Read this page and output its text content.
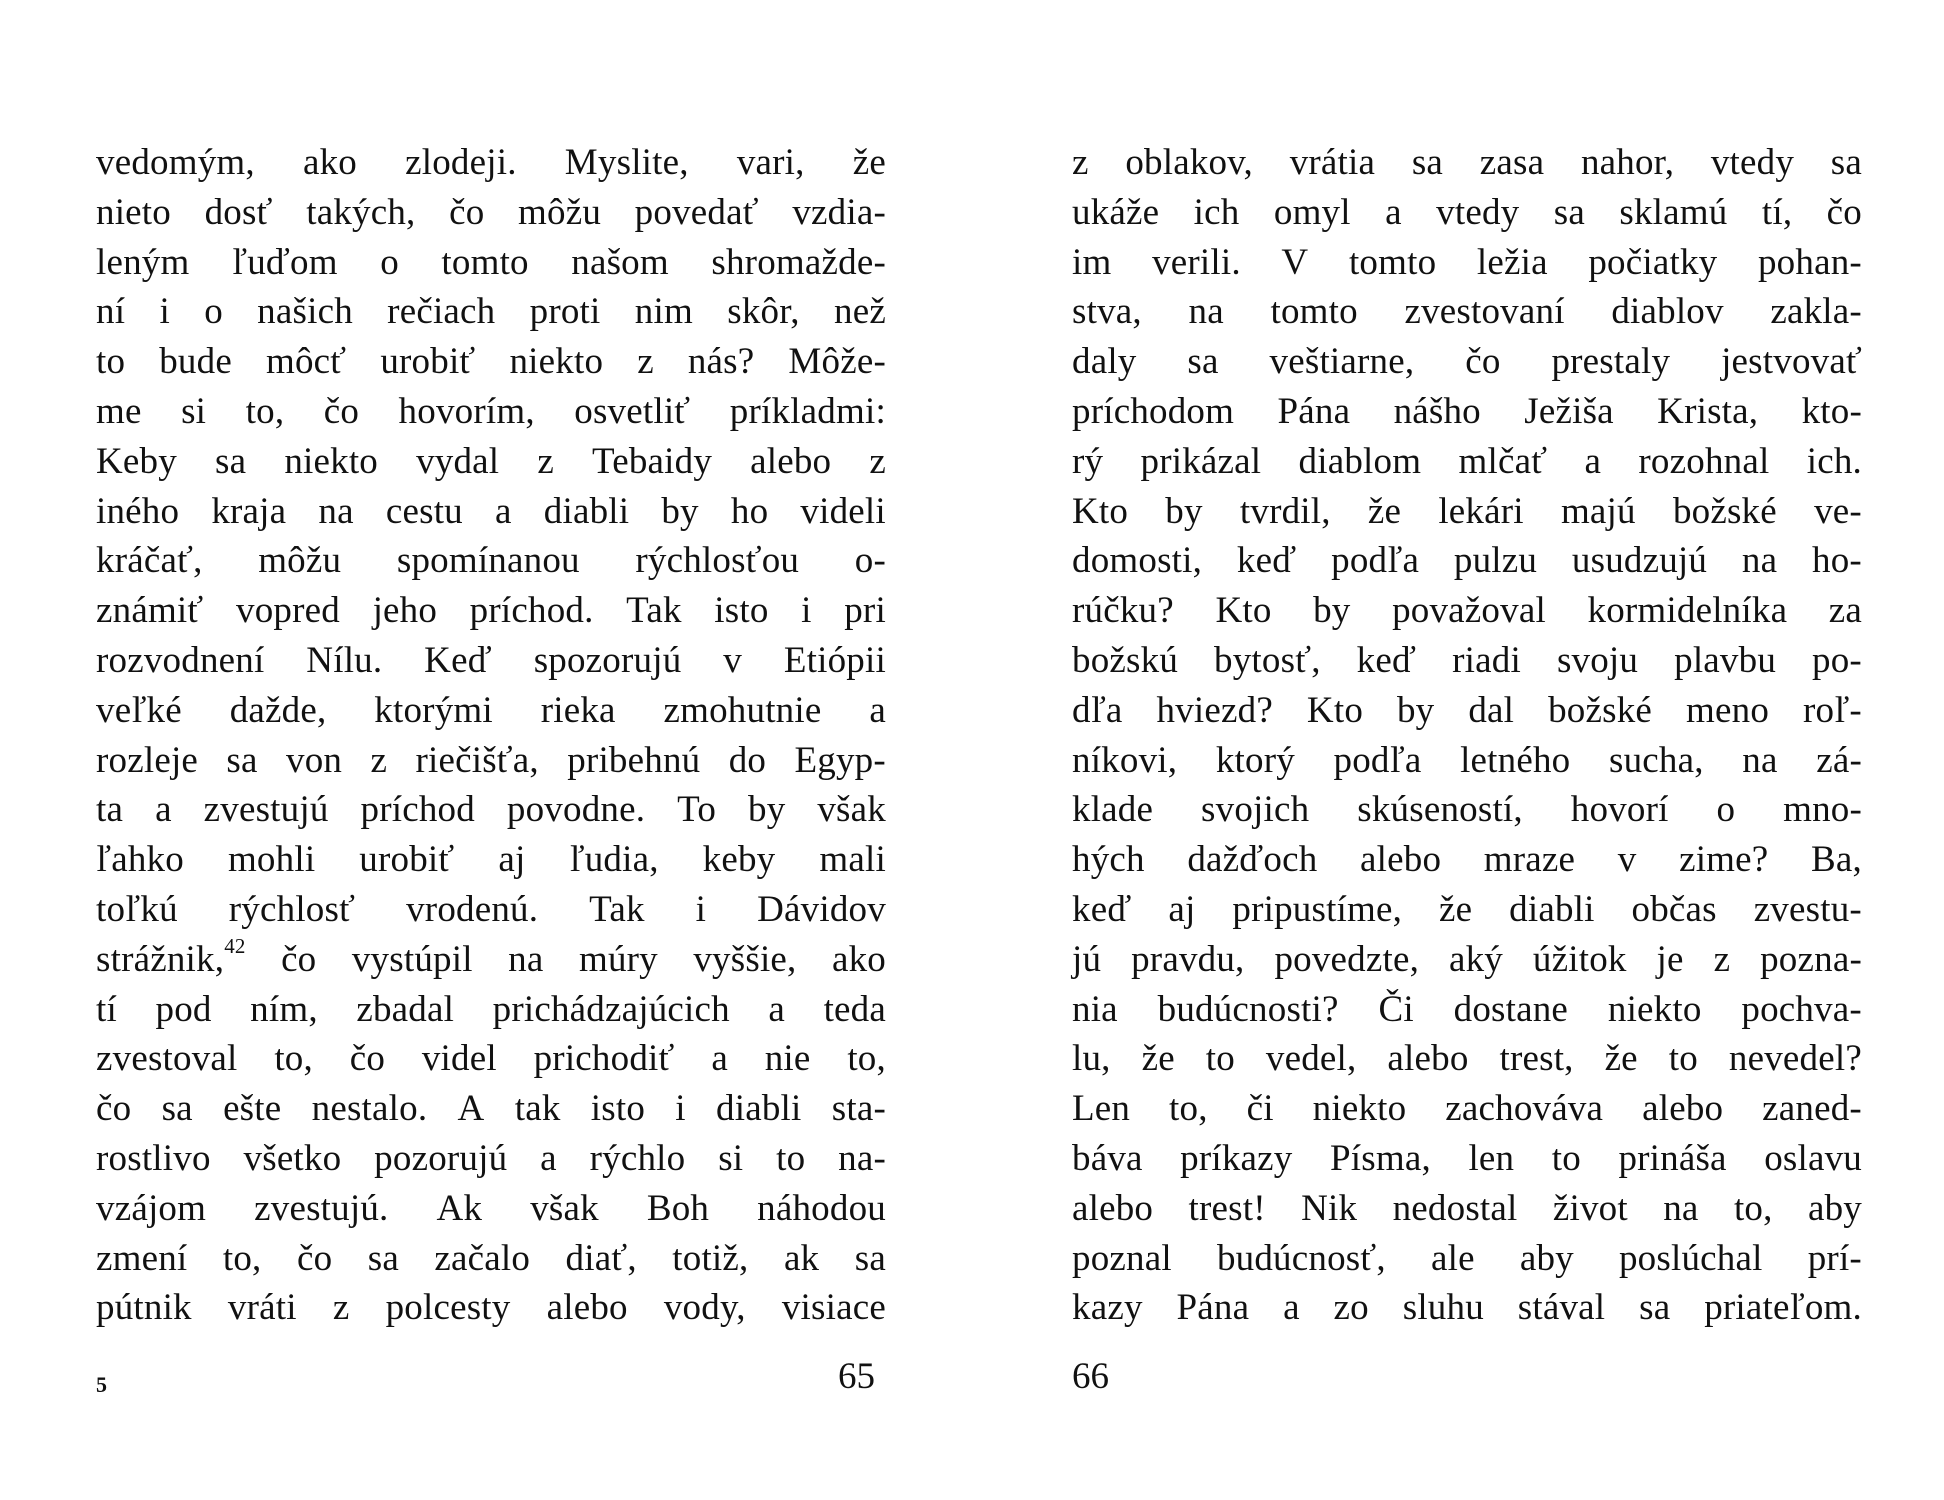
vedomým, ako zlodeji. Myslite, vari, že
nieto dosť takých, čo môžu povedať vzdia-
leným ľuďom o tomto našom shromažde-
ní i o našich rečiach proti nim skôr, než
to bude môcť urobiť niekto z nás? Môže-
me si to, čo hovorím, osvetliť príkladmi:
Keby sa niekto vydal z Tebaidy alebo z
iného kraja na cestu a diabli by ho videli
kráčať, môžu spomínanou rýchlosťou o-
známiť vopred jeho príchod. Tak isto i pri
rozvodnení Nílu. Keď spozorujú v Etiópii
veľké dažde, ktorými rieka zmohutnie a
rozleje sa von z riečišťa, pribehnú do Egyp-
ta a zvestujú príchod povodne. To by však
ľahko mohli urobiť aj ľudia, keby mali
toľkú rýchlosť vrodenú. Tak i Dávidov
strážnik,$^{42}$ čo vystúpil na múry vyššie, ako
tí pod ním, zbadal prichádzajúcich a teda
zvestoval to, čo videl prichodiť a nie to,
čo sa ešte nestalo. A tak isto i diabli sta-
rostlivo všetko pozorujú a rýchlo si to na-
vzájom zvestujú. Ak však Boh náhodou
zmení to, čo sa začalo diať, totiž, ak sa
pútnik vráti z polcesty alebo vody, visiace
5	65
z oblakov, vrátia sa zasa nahor, vtedy sa
ukáže ich omyl a vtedy sa sklamú tí, čo
im verili. V tomto ležia počiatky pohan-
stva, na tomto zvestovaní diablov zakla-
daly sa veštiarne, čo prestaly jestvovať
príchodom Pána nášho Ježiša Krista, kto-
rý prikázal diablom mlčať a rozohnal ich.
Kto by tvrdil, že lekári majú božské ve-
domosti, keď podľa pulzu usudzujú na ho-
rúčku? Kto by považoval kormidelníka za
božskú bytosť, keď riadi svoju plavbu po-
dľa hviezd? Kto by dal božské meno roľ-
níkovi, ktorý podľa letného sucha, na zá-
klade svojich skúseností, hovorí o mno-
hých dažďoch alebo mraze v zime? Ba,
keď aj pripustíme, že diabli občas zvestu-
jú pravdu, povedzte, aký úžitok je z pozna-
nia budúcnosti? Či dostane niekto pochva-
lu, že to vedel, alebo trest, že to nevedel?
Len to, či niekto zachováva alebo zaned-
báva príkazy Písma, len to prináša oslavu
alebo trest! Nik nedostal život na to, aby
poznal budúcnosť, ale aby poslúchal prí-
kazy Pána a zo sluhu stával sa priateľom.
66
